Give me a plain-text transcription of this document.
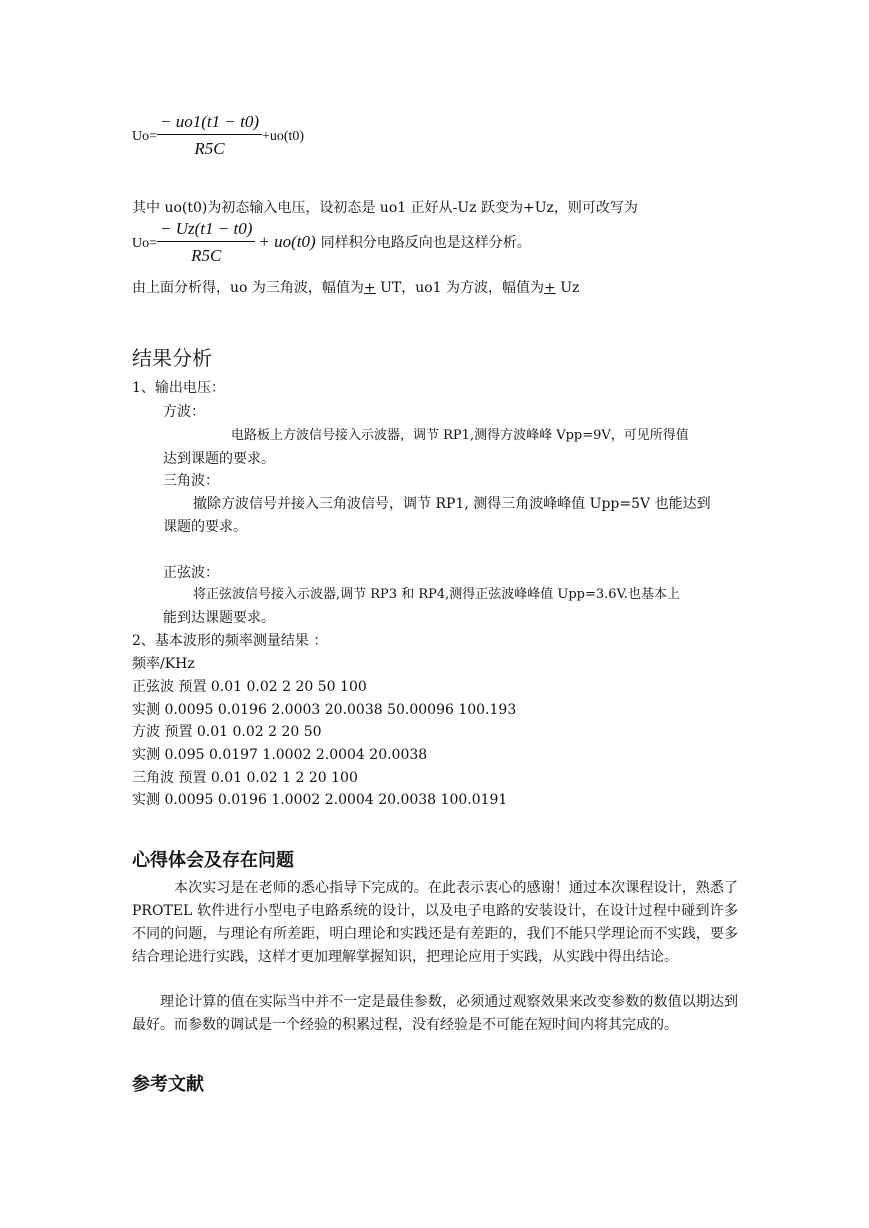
$Uo= \frac{- uo1(t1 - t0)}{R5C} +uo(t0)$
其中 uo(t0)为初态输入电压，设初态是 uo1 正好从-Uz 跃变为+Uz，则可改写为
$Uo= \frac{- Uz(t1 - t0)}{R5C} + uo(t0)$ 同样积分电路反向也是这样分析。
由上面分析得，uo 为三角波，幅值为+ UT，uo1 为方波，幅值为+ Uz
结果分析
1、输出电压：
方波：
电路板上方波信号接入示波器，调节 RP1,测得方波峰峰 Vpp=9V，可见所得值
达到课题的要求。
三角波：
撤除方波信号并接入三角波信号，调节 RP1, 测得三角波峰峰值 Upp=5V 也能达到
课题的要求。
正弦波：
将正弦波信号接入示波器,调节 RP3 和 RP4,测得正弦波峰峰值 Upp=3.6V.也基本上
能到达课题要求。
2、基本波形的频率测量结果 ：
频率/KHz
正弦波 预置 0.01 0.02 2 20 50 100
实测 0.0095 0.0196 2.0003 20.0038 50.00096 100.193
方波 预置 0.01 0.02 2 20 50
实测 0.095 0.0197 1.0002 2.0004 20.0038
三角波 预置 0.01 0.02 1 2 20 100
实测 0.0095 0.0196 1.0002 2.0004 20.0038 100.0191
心得体会及存在问题

本次实习是在老师的悉心指导下完成的。在此表示衷心的感谢！通过本次课程设计，熟悉了 PROTEL 软件进行小型电子电路系统的设计，以及电子电路的安装设计，在设计过程中碰到许多不同的问题，与理论有所差距，明白理论和实践还是有差距的，我们不能只学理论而不实践，要多结合理论进行实践，这样才更加理解掌握知识，把理论应用于实践，从实践中得出结论。

理论计算的值在实际当中并不一定是最佳参数，必须通过观察效果来改变参数的数值以期达到最好。而参数的调试是一个经验的积累过程，没有经验是不可能在短时间内将其完成的。

参考文献
